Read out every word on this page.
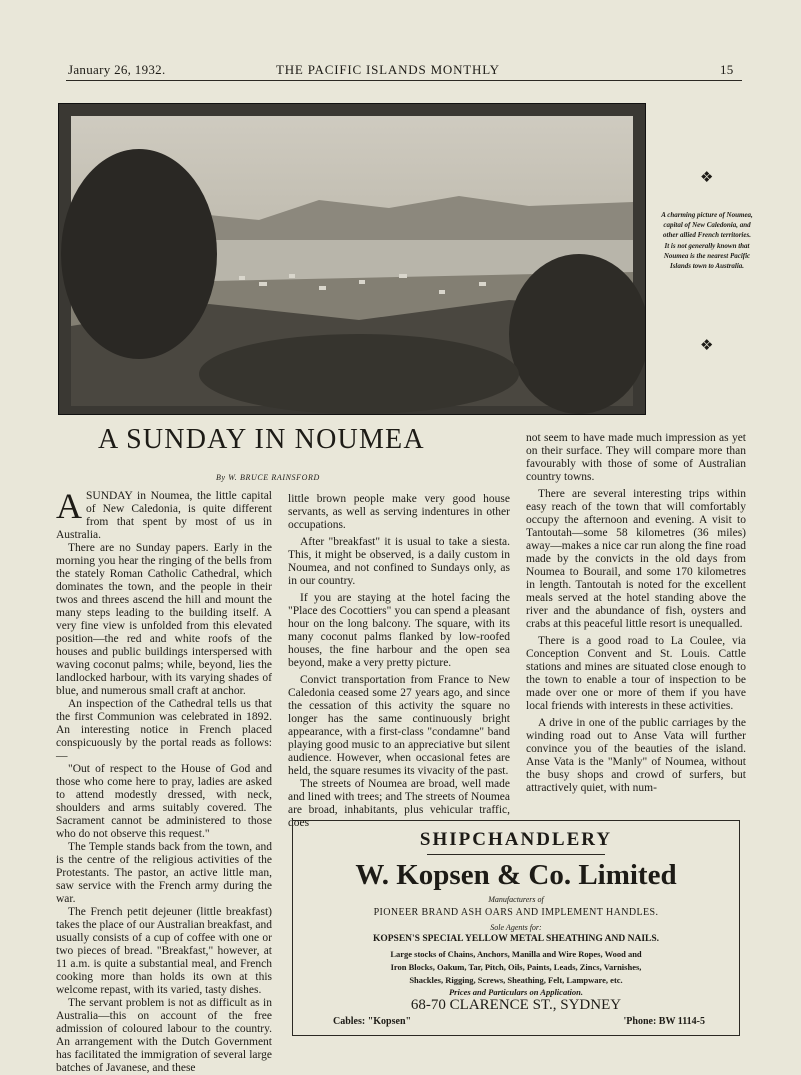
January 26, 1932.	THE PACIFIC ISLANDS MONTHLY	15
❖
A charming picture of Noumea, capital of New Caledonia, and other allied French territories. It is not generally known that Noumea is the nearest Pacific Islands town to Australia.
❖
A SUNDAY IN NOUMEA
By W. BRUCE RAINSFORD

A SUNDAY in Noumea, the little capital of New Caledonia, is quite different from that spent by most of us in Australia.

There are no Sunday papers. Early in the morning you hear the ringing of the bells from the stately Roman Catholic Cathedral, which dominates the town, and the people in their twos and threes ascend the hill and mount the many steps leading to the building itself. A very fine view is unfolded from this elevated position—the red and white roofs of the houses and public buildings interspersed with waving coconut palms; while, beyond, lies the landlocked harbour, with its varying shades of blue, and numerous small craft at anchor.

An inspection of the Cathedral tells us that the first Communion was celebrated in 1892. An interesting notice in French placed conspicuously by the portal reads as follows:—

"Out of respect to the House of God and those who come here to pray, ladies are asked to attend modestly dressed, with neck, shoulders and arms suitably covered. The Sacrament cannot be administered to those who do not observe this request."

The Temple stands back from the town, and is the centre of the religious activities of the Protestants. The pastor, an active little man, saw service with the French army during the war.

The French petit dejeuner (little breakfast) takes the place of our Australian breakfast, and usually consists of a cup of coffee with one or two pieces of bread. "Breakfast," however, at 11 a.m. is quite a substantial meal, and French cooking more than holds its own at this welcome repast, with its varied, tasty dishes.

The servant problem is not as difficult as in Australia—this on account of the free admission of coloured labour to the country. An arrangement with the Dutch Government has facilitated the immigration of several large batches of Javanese, and these

little brown people make very good house servants, as well as serving indentures in other occupations.

After "breakfast" it is usual to take a siesta. This, it might be observed, is a daily custom in Noumea, and not confined to Sundays only, as in our country.

If you are staying at the hotel facing the "Place des Cocottiers" you can spend a pleasant hour on the long balcony. The square, with its many coconut palms flanked by low-roofed houses, the fine harbour and the open sea beyond, make a very pretty picture.

Convict transportation from France to New Caledonia ceased some 27 years ago, and since the cessation of this activity the square no longer has the same continuously bright appearance, with a first-class "condamne" band playing good music to an appreciative but silent audience. However, when occasional fetes are held, the square resumes its vivacity of the past.

The streets of Noumea are broad, well made and lined with trees; and The streets of Noumea are broad, inhabitants, plus vehicular traffic, does

not seem to have made much impression as yet on their surface. They will compare more than favourably with those of some of Australian country towns.

There are several interesting trips within easy reach of the town that will comfortably occupy the afternoon and evening. A visit to Tantoutah—some 58 kilometres (36 miles) away—makes a nice car run along the fine road made by the convicts in the old days from Noumea to Bourail, and some 170 kilometres in length. Tantoutah is noted for the excellent meals served at the hotel standing above the river and the abundance of fish, oysters and crabs at this peaceful little resort is unequalled.

There is a good road to La Coulee, via Conception Convent and St. Louis. Cattle stations and mines are situated close enough to the town to enable a tour of inspection to be made over one or more of them if you have local friends with interests in these activities.

A drive in one of the public carriages by the winding road out to Anse Vata will further convince you of the beauties of the island. Anse Vata is the "Manly" of Noumea, without the busy shops and crowd of surfers, but attractively quiet, with num-

SHIPCHANDLERY
W. Kopsen & Co. Limited
Manufacturers of
PIONEER BRAND ASH OARS AND IMPLEMENT HANDLES.
Sole Agents for:
KOPSEN'S SPECIAL YELLOW METAL SHEATHING AND NAILS.
Large stocks of Chains, Anchors, Manilla and Wire Ropes, Wood and
Iron Blocks, Oakum, Tar, Pitch, Oils, Paints, Leads, Zincs, Varnishes,
Shackles, Rigging, Screws, Sheathing, Felt, Lampware, etc.
Prices and Particulars on Application.
68-70 CLARENCE ST., SYDNEY
Cables: "Kopsen"	'Phone: BW 1114-5
